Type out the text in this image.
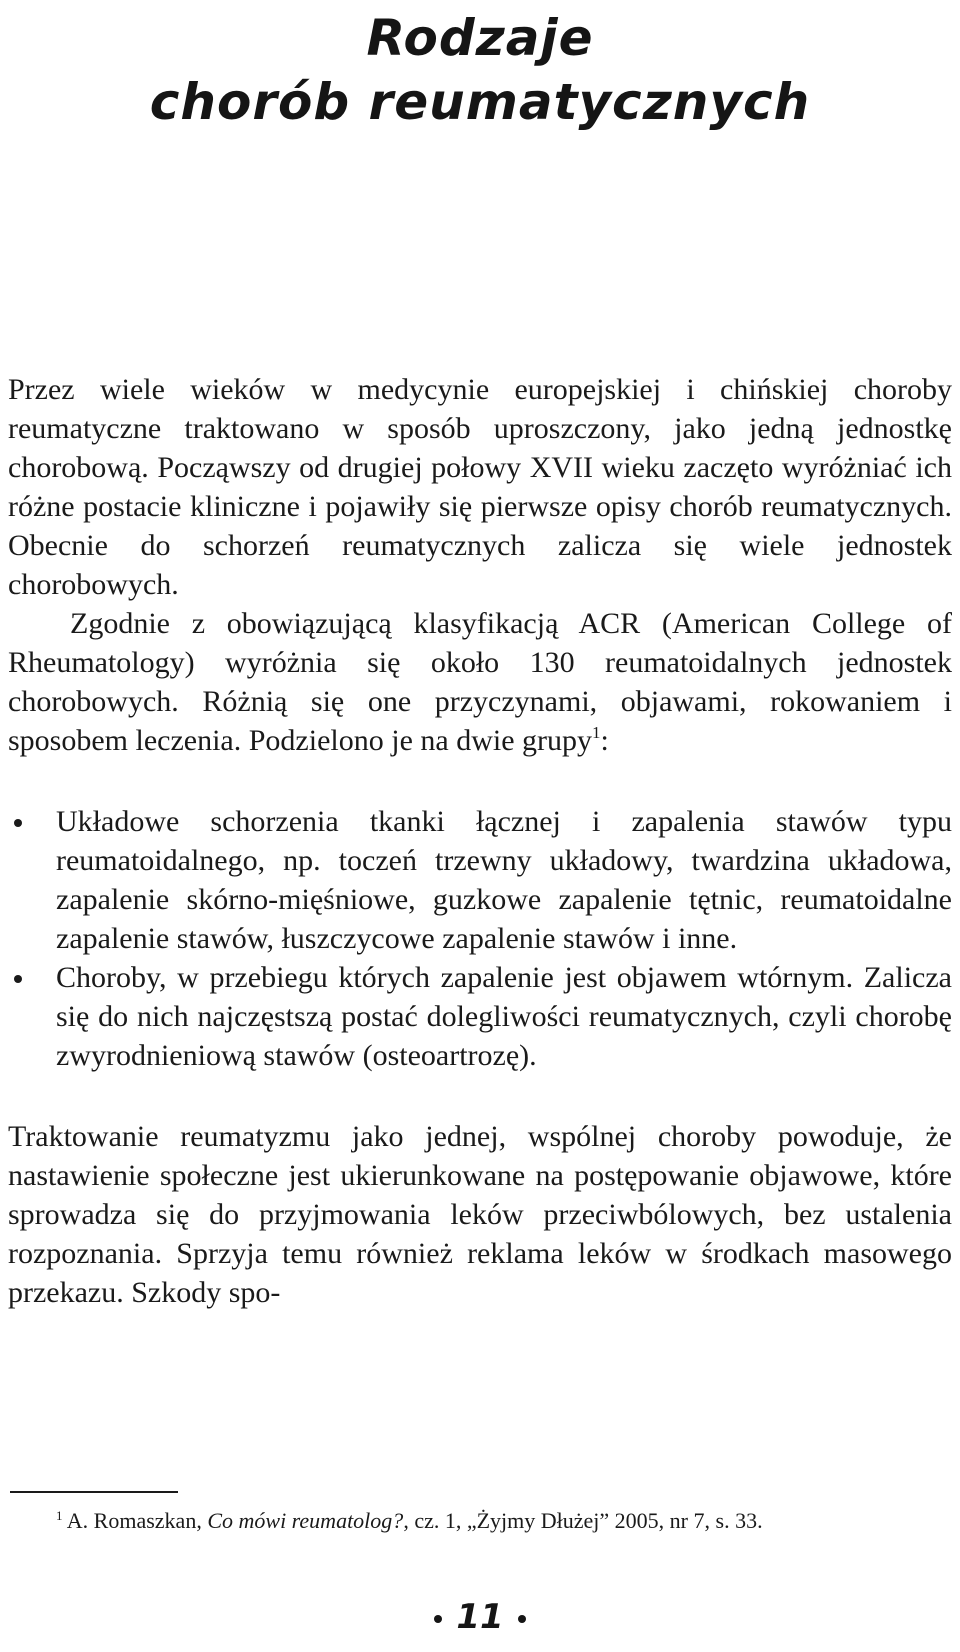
Rodzaje
chorób reumatycznych

Przez wiele wieków w medycynie europejskiej i chińskiej choroby reumatyczne traktowano w sposób uproszczony, jako jedną jednostkę chorobową. Począwszy od drugiej połowy XVII wieku zaczęto wyróżniać ich różne postacie kliniczne i pojawiły się pierwsze opisy chorób reumatycznych. Obecnie do schorzeń reumatycznych zalicza się wiele jednostek chorobowych.

Zgodnie z obowiązującą klasyfikacją ACR (American College of Rheumatology) wyróżnia się około 130 reumatoidalnych jednostek chorobowych. Różnią się one przyczynami, objawami, rokowaniem i sposobem leczenia. Podzielono je na dwie grupy$^1$:

Układowe schorzenia tkanki łącznej i zapalenia stawów typu reumatoidalnego, np. toczeń trzewny układowy, twardzina układowa, zapalenie skórno-mięśniowe, guzkowe zapalenie tętnic, reumatoidalne zapalenie stawów, łuszczycowe zapalenie stawów i inne.
Choroby, w przebiegu których zapalenie jest objawem wtórnym. Zalicza się do nich najczęstszą postać dolegliwości reumatycznych, czyli chorobę zwyrodnieniową stawów (osteoartrozę).

Traktowanie reumatyzmu jako jednej, wspólnej choroby powoduje, że nastawienie społeczne jest ukierunkowane na postępowanie objawowe, które sprowadza się do przyjmowania leków przeciwbólowych, bez ustalenia rozpoznania. Sprzyja temu również reklama leków w środkach masowego przekazu. Szkody spo-

$^1$ A. Romaszkan, Co mówi reumatolog?, cz. 1, „Żyjmy Dłużej” 2005, nr 7, s. 33.
11
